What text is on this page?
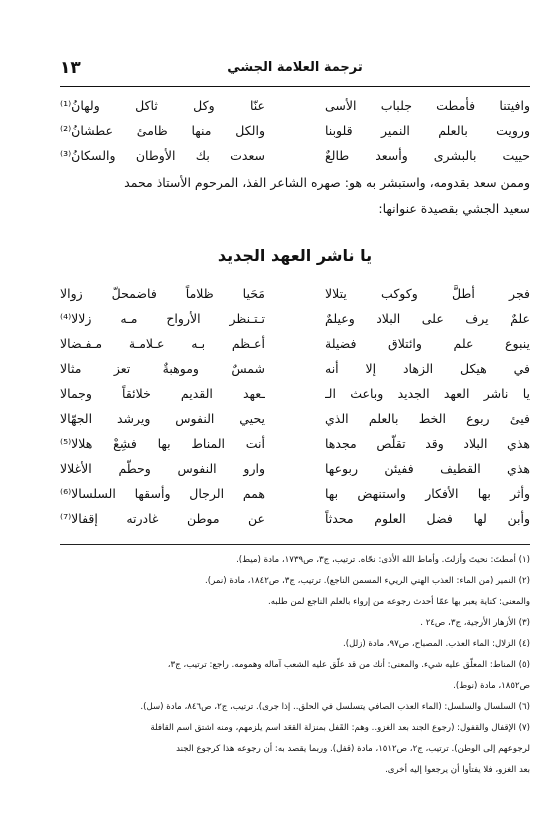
ترجمة العلامة الجشي
١٣
وافيتنا فأمطت جلباب الأسى
عنّا وكل ثاكل ولهانُ⁽¹⁾
ورويت بالعلم النمير قلوبنا
والكل منها ظامئ عطشانُ⁽²⁾
حييت بالبشرى وأسعد طالعٌ
سعدت بك الأوطان والسكانُ⁽³⁾
وممن سعد بقدومه، واستبشر به هو: صهره الشاعر الفذ، المرحوم الأستاذ محمد
سعيد الجشي بقصيدة عنوانها:
يا ناشر العهد الجديد
فجر أطلَّ وكوكب يتلالا
مَحَيا ظلاماً فاضمحلّ زوالا
علمٌ يرف على البلاد وعيلمٌ
تـتـنظر الأرواح مـه زلالا⁽⁴⁾
ينبوع علم وائتلاق فضيلة
أعـظم بـه عـلامـة مـفـضالا
في هيكل الزهاد إلا أنه
شمسٌ وموهبةٌ تعز مثالا
يا ناشر العهد الجديد وباعث الـ
ـعهد القديم خلائقاً وجمالا
فيئ ربوع الخط بالعلم الذي
يحيي النفوس ويرشد الجهّالا
هذي البلاد وقد تقلّص مجدها
أنت المناط بها فشِعْ هلالا⁽⁵⁾
هذي القطيف ففيئن ربوعها
وارو النفوس وحطّم الأغلالا
وأثر بها الأفكار واستنهض بها
همم الرجال وأسقها السلسالا⁽⁶⁾
وأبن لها فضل العلوم محدثاً
عن موطن غادرته إقفالا⁽⁷⁾
(١) أمطتَ: نحيتَ وأزلتَ. وأماط الله الأذى: نحّاه. ترتيب، ج٣، ص١٧٣٩، مادة (ميط).
(٢) النمير (من الماء: العذب الهني الرييء المسمن الناجع). ترتيب، ج٣، ص١٨٤٢، مادة (نمر).
والمعنى: كناية يعبر بها عمّا أحدث رجوعه من إرواء بالعلم الناجع لمن طلبه.
(٣) الأزهار الأرجية، ج٣، ص٢٤ .
(٤) الزلال: الماء العذب. المصباح، ص٩٧، مادة (زلل).
(٥) المناط: المعلّق عليه شيء. والمعنى: أنك من قد علّق عليه الشعب آماله وهمومه. راجع: ترتيب، ج٣،
ص١٨٥٢، مادة (نوط).
(٦) السلسال والسلسل: (الماء العذب الصافي يتسلسل في الحلق.. إذا جرى). ترتيب، ج٢، ص٨٤٦، مادة (سل).
(٧) الإقفال والقفول: (رجوع الجند بعد الغزو.. وهم: القَفل بمنزلة القعَد اسم يلزمهم، ومنه اشتق اسم القافلة
لرجوعهم إلى الوطن). ترتيب، ج٢، ص١٥١٢، مادة (قفل). وربما يقصد به: أن رجوعه هذا كرجوع الجند
بعد الغزو، فلا يفتأوا أن يرجعوا إليه أخرى.
